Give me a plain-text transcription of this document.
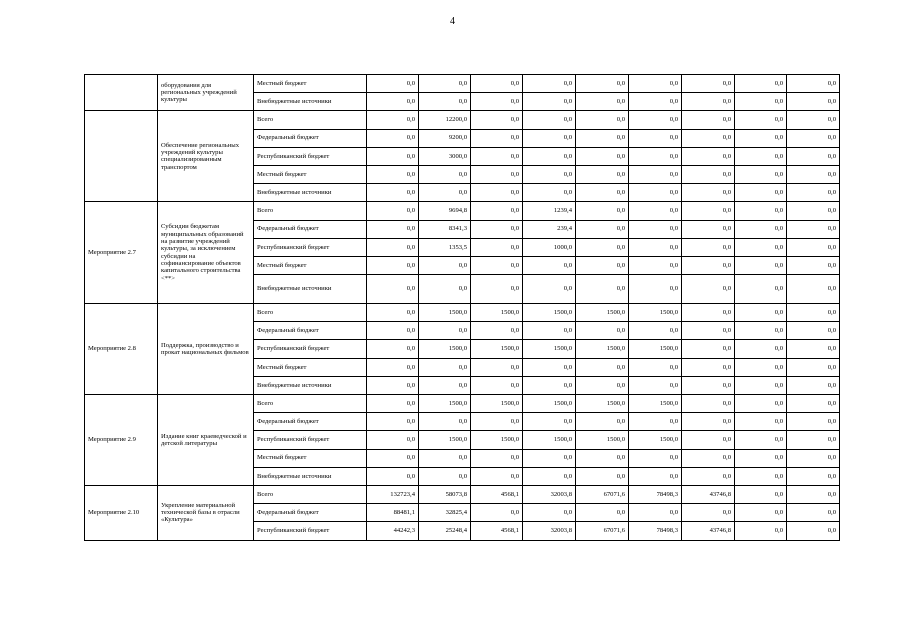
4
	оборудования для региональных учреждений культуры	Местный бюджет	0,0	0,0	0,0	0,0	0,0	0,0	0,0	0,0	0,0
		Внебюджетные источники	0,0	0,0	0,0	0,0	0,0	0,0	0,0	0,0	0,0
	Обеспечение региональных учреждений культуры специализированным транспортом	Всего	0,0	12200,0	0,0	0,0	0,0	0,0	0,0	0,0	0,0
		Федеральный бюджет	0,0	9200,0	0,0	0,0	0,0	0,0	0,0	0,0	0,0
		Республиканский бюджет	0,0	3000,0	0,0	0,0	0,0	0,0	0,0	0,0	0,0
		Местный бюджет	0,0	0,0	0,0	0,0	0,0	0,0	0,0	0,0	0,0
		Внебюджетные источники	0,0	0,0	0,0	0,0	0,0	0,0	0,0	0,0	0,0
Мероприятие 2.7	Субсидии бюджетам муниципальных образований на развитие учреждений культуры, за исключением субсидии на софинансирование объектов капитального строительства <**>	Всего	0,0	9694,8	0,0	1239,4	0,0	0,0	0,0	0,0	0,0
		Федеральный бюджет	0,0	8341,3	0,0	239,4	0,0	0,0	0,0	0,0	0,0
		Республиканский бюджет	0,0	1353,5	0,0	1000,0	0,0	0,0	0,0	0,0	0,0
		Местный бюджет	0,0	0,0	0,0	0,0	0,0	0,0	0,0	0,0	0,0
		Внебюджетные источники	0,0	0,0	0,0	0,0	0,0	0,0	0,0	0,0	0,0
Мероприятие 2.8	Поддержка, производство и прокат национальных фильмов	Всего	0,0	1500,0	1500,0	1500,0	1500,0	1500,0	0,0	0,0	0,0
		Федеральный бюджет	0,0	0,0	0,0	0,0	0,0	0,0	0,0	0,0	0,0
		Республиканский бюджет	0,0	1500,0	1500,0	1500,0	1500,0	1500,0	0,0	0,0	0,0
		Местный бюджет	0,0	0,0	0,0	0,0	0,0	0,0	0,0	0,0	0,0
		Внебюджетные источники	0,0	0,0	0,0	0,0	0,0	0,0	0,0	0,0	0,0
Мероприятие 2.9	Издание книг краеведческой и детской литературы	Всего	0,0	1500,0	1500,0	1500,0	1500,0	1500,0	0,0	0,0	0,0
		Федеральный бюджет	0,0	0,0	0,0	0,0	0,0	0,0	0,0	0,0	0,0
		Республиканский бюджет	0,0	1500,0	1500,0	1500,0	1500,0	1500,0	0,0	0,0	0,0
		Местный бюджет	0,0	0,0	0,0	0,0	0,0	0,0	0,0	0,0	0,0
		Внебюджетные источники	0,0	0,0	0,0	0,0	0,0	0,0	0,0	0,0	0,0
Мероприятие 2.10	Укрепление материальной технической базы в отрасли «Культура»	Всего	132723,4	58073,8	4568,1	32003,8	67071,6	78498,3	43746,8	0,0	0,0
		Федеральный бюджет	88481,1	32825,4	0,0	0,0	0,0	0,0	0,0	0,0	0,0
		Республиканский бюджет	44242,3	25248,4	4568,1	32003,8	67071,6	78498,3	43746,8	0,0	0,0
